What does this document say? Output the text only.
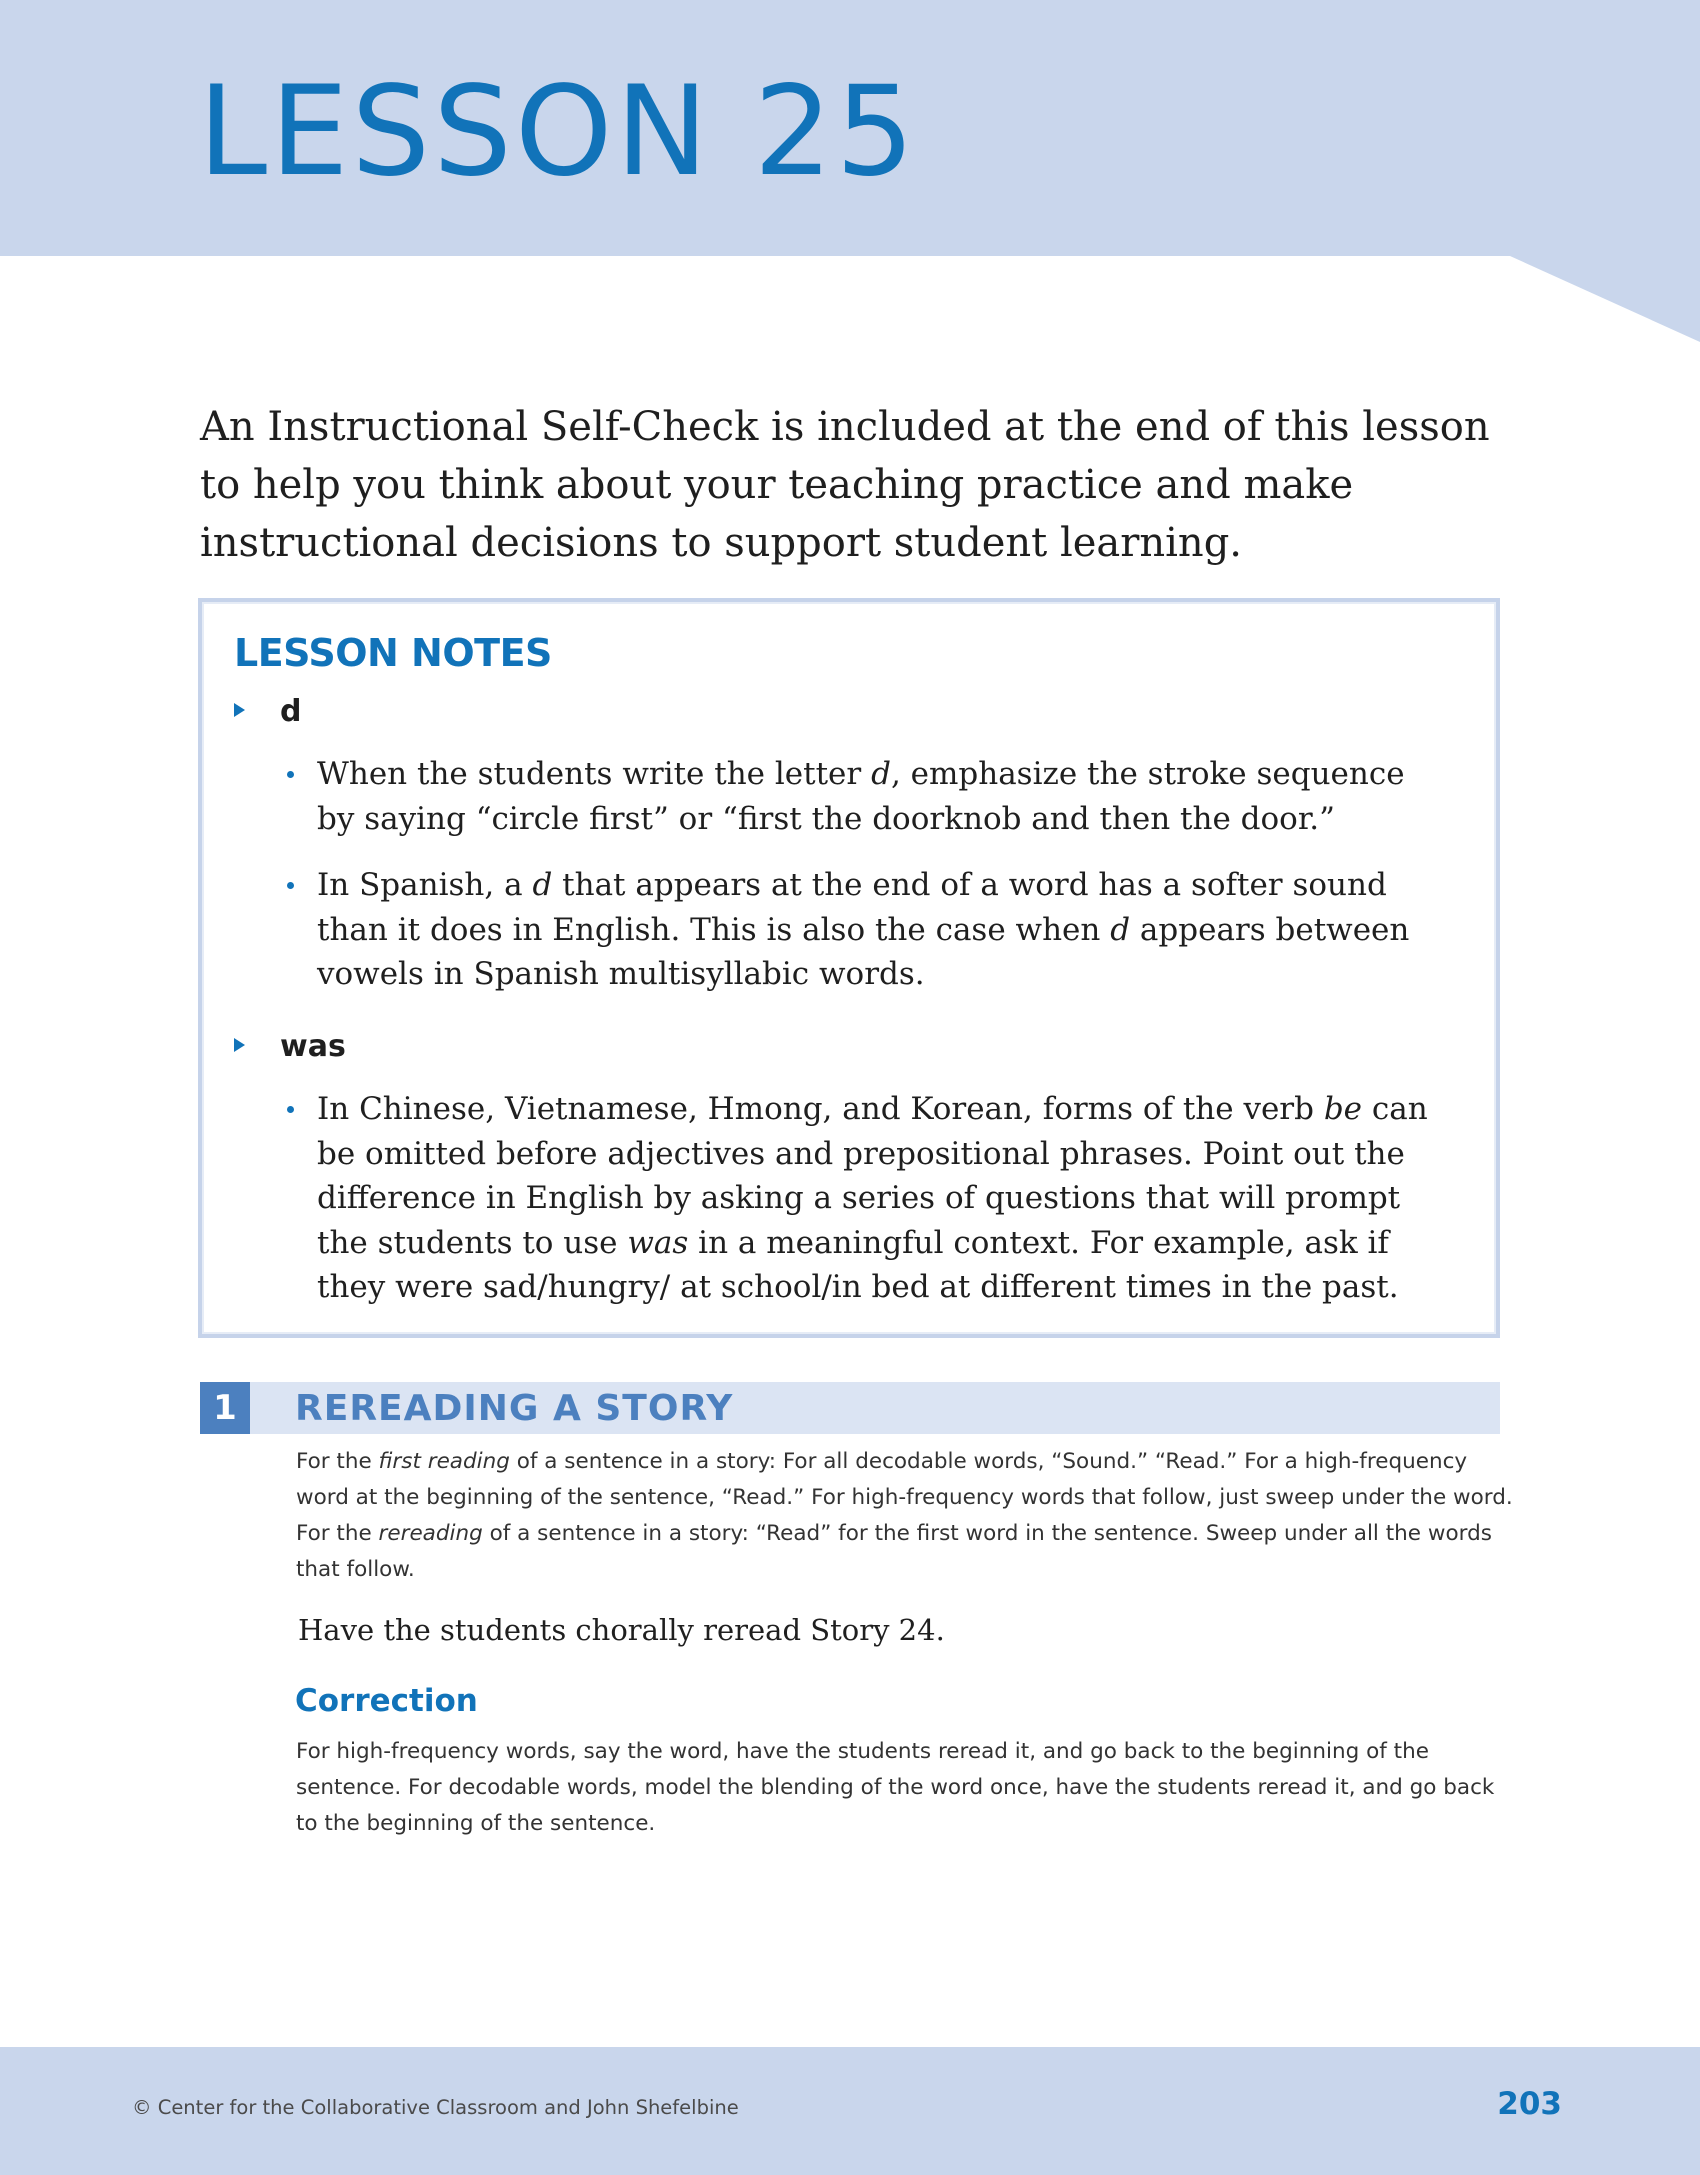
LESSON 25

An Instructional Self-Check is included at the end of this lesson to help you think about your teaching practice and make instructional decisions to support student learning.

LESSON NOTES
d

When the students write the letter d, emphasize the stroke sequence by saying “circle first” or “first the doorknob and then the door.”

In Spanish, a d that appears at the end of a word has a softer sound than it does in English. This is also the case when d appears between vowels in Spanish multisyllabic words.

was

In Chinese, Vietnamese, Hmong, and Korean, forms of the verb be can be omitted before adjectives and prepositional phrases. Point out the difference in English by asking a series of questions that will prompt the students to use was in a meaningful context. For example, ask if they were sad/hungry/ at school/in bed at different times in the past.

1	REREADING A STORY

For the first reading of a sentence in a story: For all decodable words, “Sound.” “Read.” For a high-frequency word at the beginning of the sentence, “Read.” For high-frequency words that follow, just sweep under the word. For the rereading of a sentence in a story: “Read” for the first word in the sentence. Sweep under all the words that follow.

Have the students chorally reread Story 24.

Correction

For high-frequency words, say the word, have the students reread it, and go back to the beginning of the sentence. For decodable words, model the blending of the word once, have the students reread it, and go back to the beginning of the sentence.

© Center for the Collaborative Classroom and John Shefelbine	203
